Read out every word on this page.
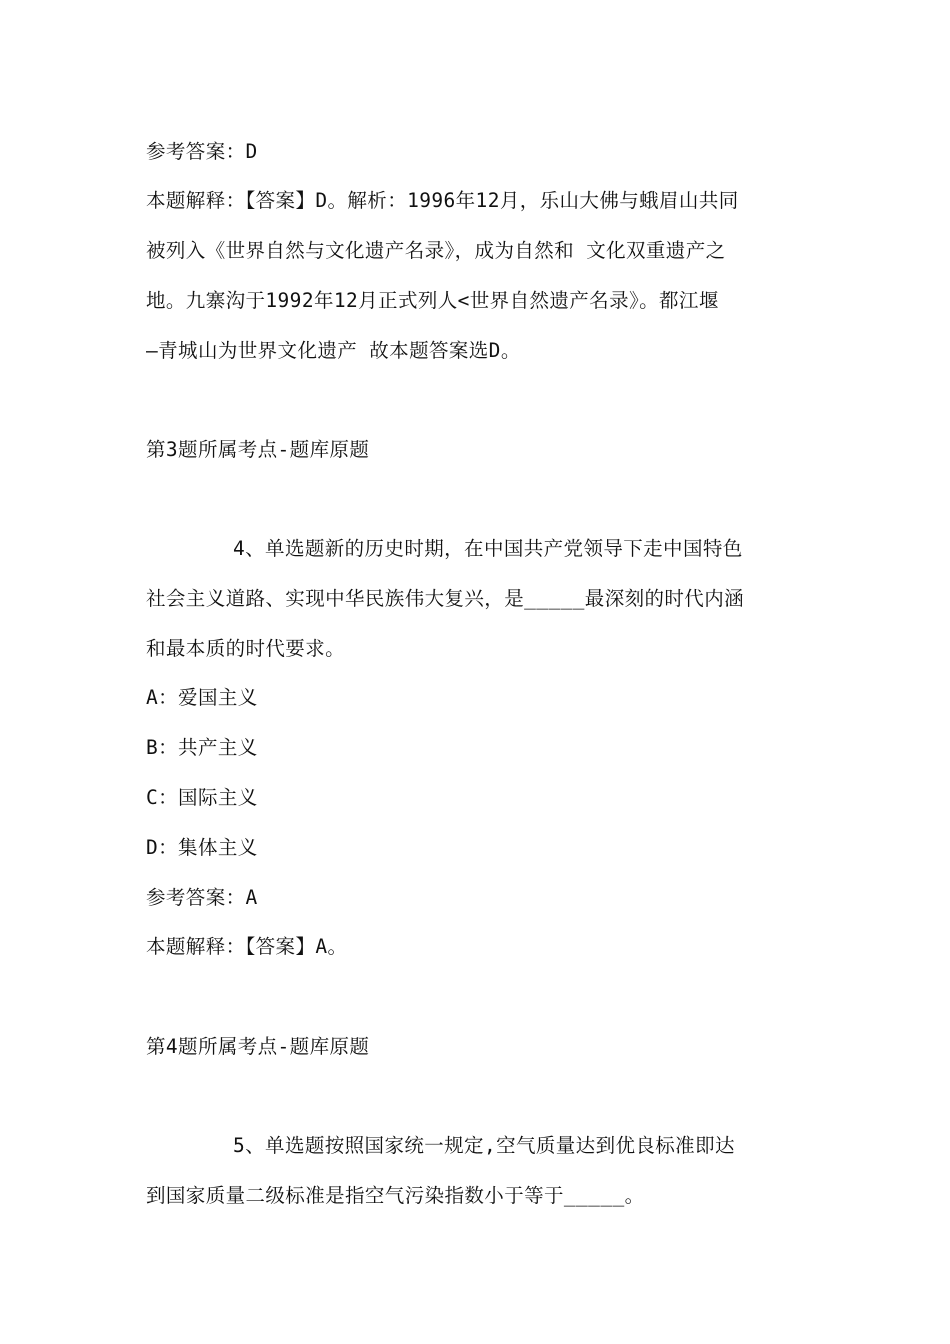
参考答案：D
本题解释：【答案】D。解析：1996年12月，乐山大佛与蛾眉山共同
被列入《世界自然与文化遗产名录》，成为自然和 文化双重遗产之
地。九寨沟于1992年12月正式列人<世界自然遗产名录》。都江堰
—青城山为世界文化遗产 故本题答案选D。
第3题所属考点-题库原题
4、单选题新的历史时期，在中国共产党领导下走中国特色
社会主义道路、实现中华民族伟大复兴，是_____最深刻的时代内涵
和最本质的时代要求。
A：爱国主义
B：共产主义
C：国际主义
D：集体主义
参考答案：A
本题解释：【答案】A。
第4题所属考点-题库原题
5、单选题按照国家统一规定,空气质量达到优良标准即达
到国家质量二级标准是指空气污染指数小于等于_____。
